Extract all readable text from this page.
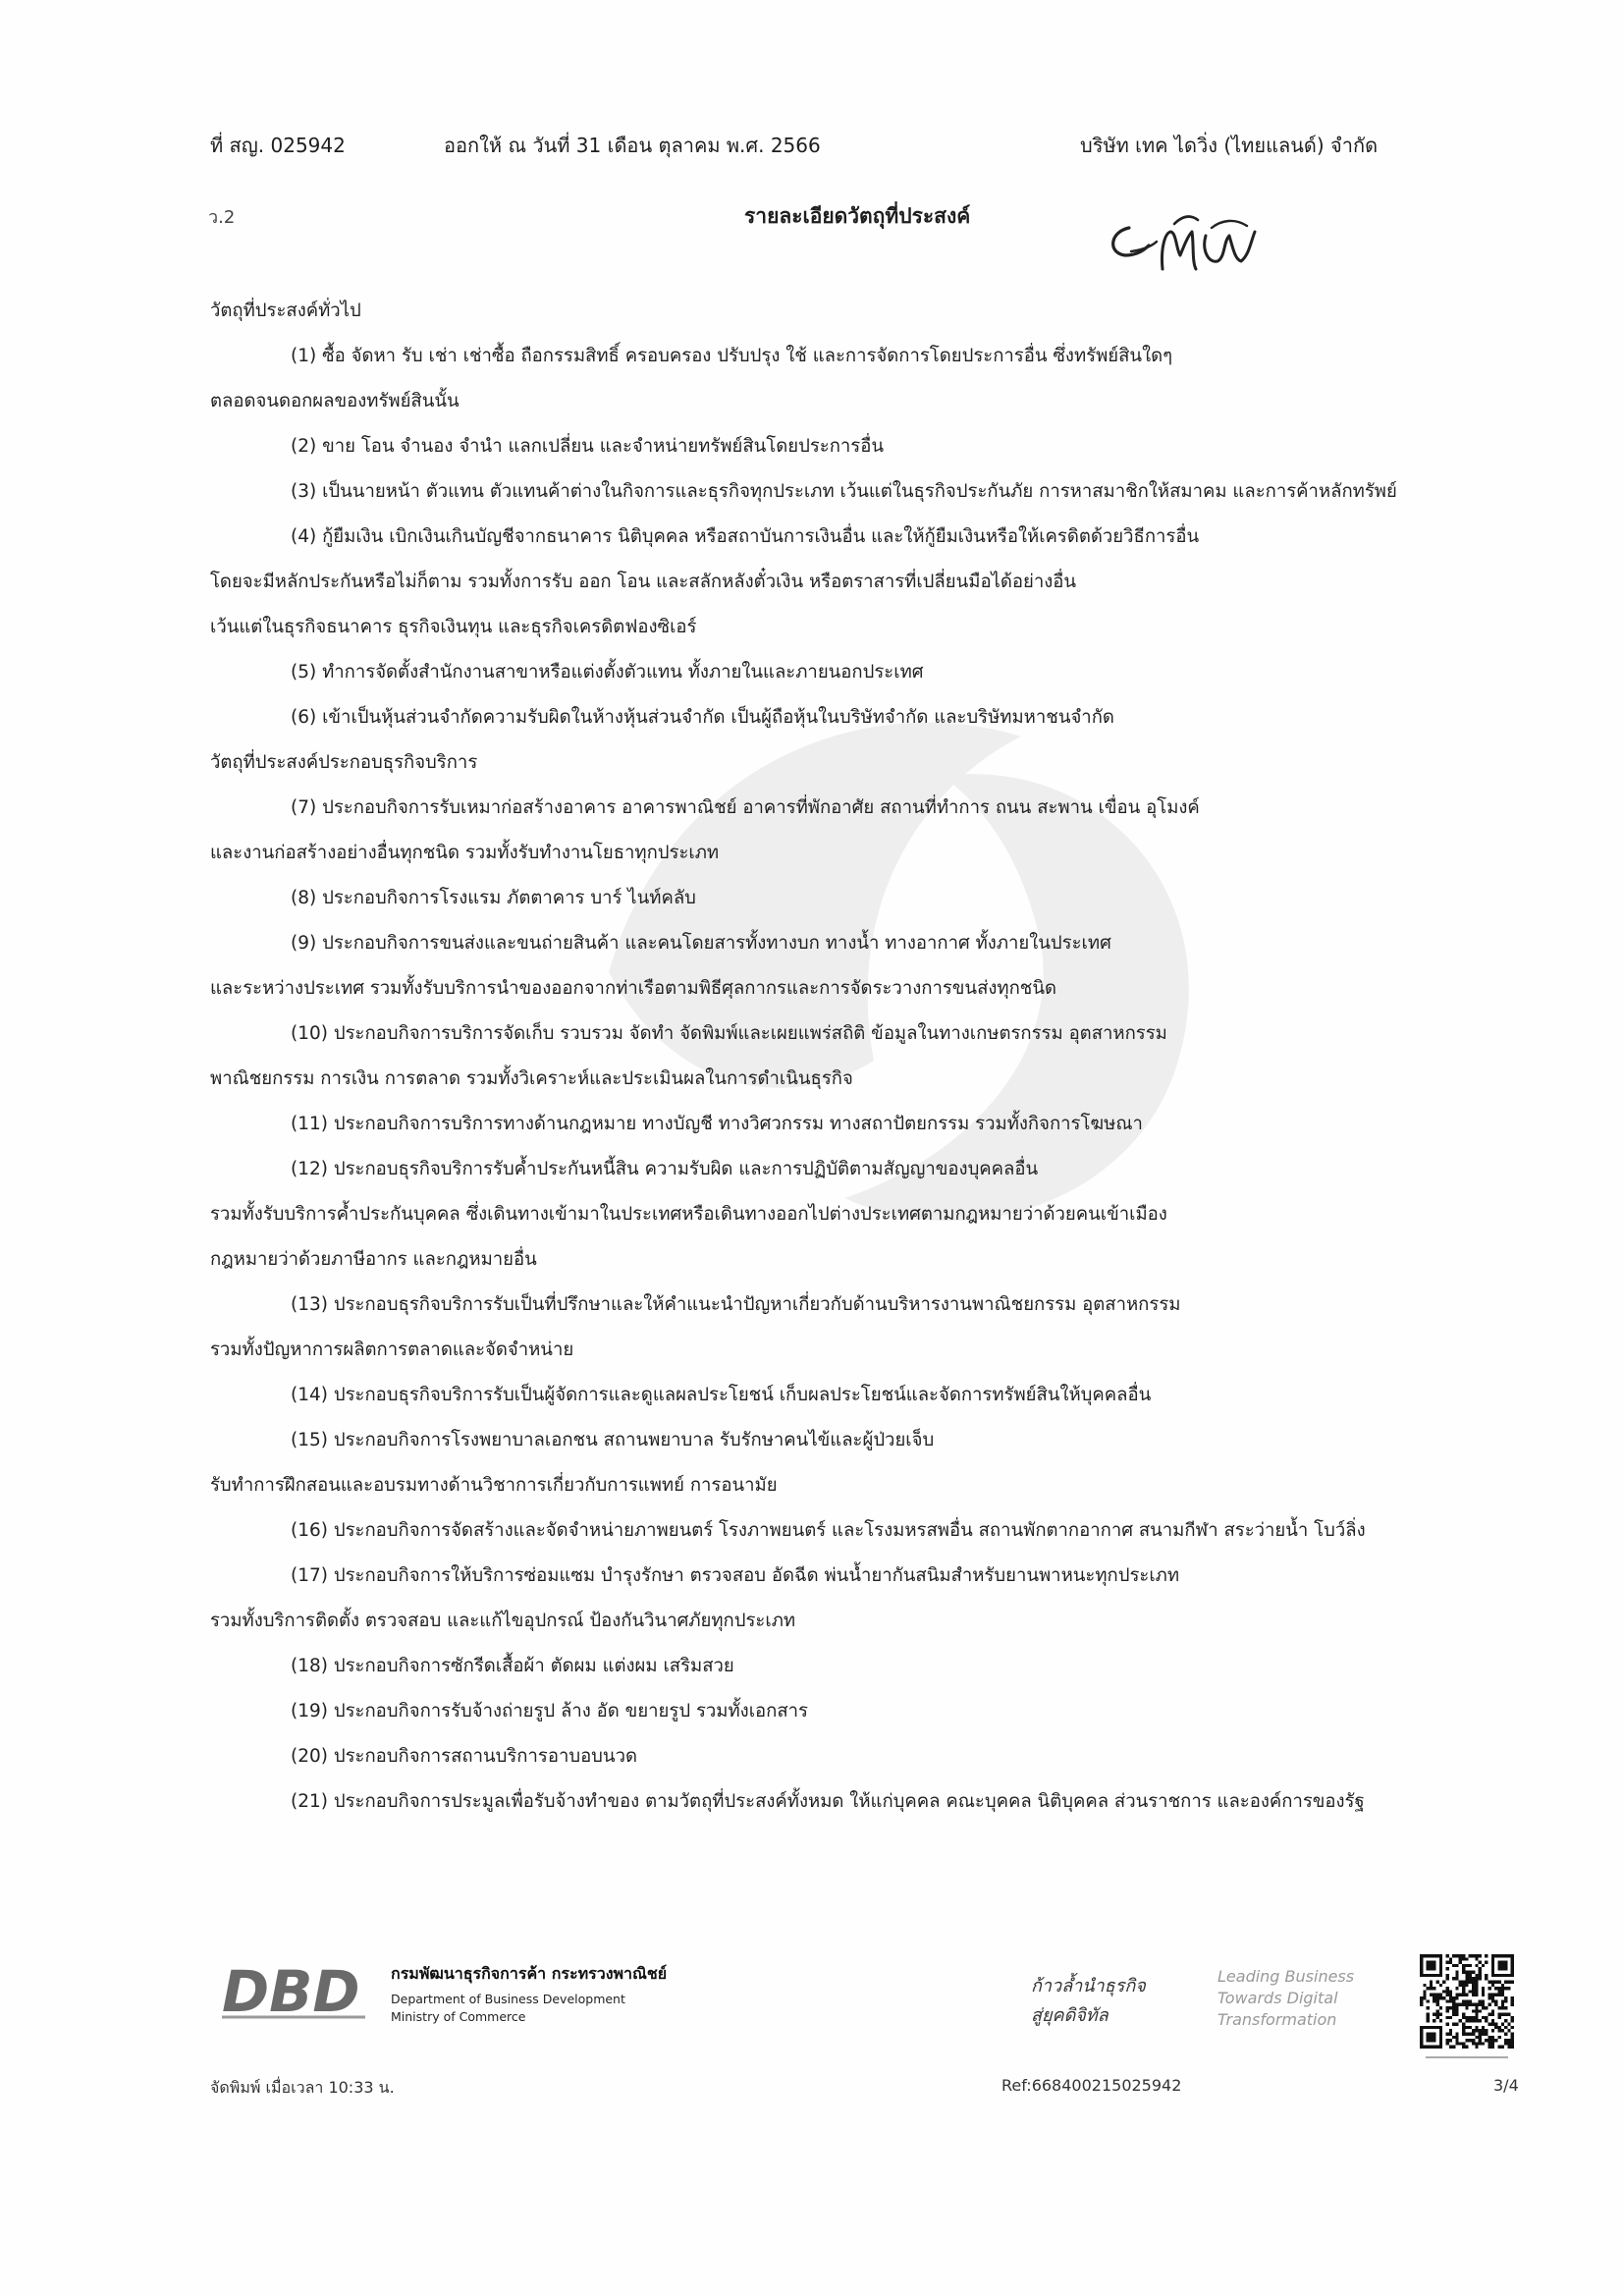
ที่ สญ. 025942	ออกให้ ณ วันที่ 31 เดือน ตุลาคม พ.ศ. 2566	บริษัท เทค ไดวิ่ง (ไทยแลนด์) จำกัด
ว.2	รายละเอียดวัตถุที่ประสงค์
วัตถุที่ประสงค์ทั่วไป
(1) ซื้อ จัดหา รับ เช่า เช่าซื้อ ถือกรรมสิทธิ์ ครอบครอง ปรับปรุง ใช้ และการจัดการโดยประการอื่น ซึ่งทรัพย์สินใดๆ
ตลอดจนดอกผลของทรัพย์สินนั้น
(2) ขาย โอน จำนอง จำนำ แลกเปลี่ยน และจำหน่ายทรัพย์สินโดยประการอื่น
(3) เป็นนายหน้า ตัวแทน ตัวแทนค้าต่างในกิจการและธุรกิจทุกประเภท เว้นแต่ในธุรกิจประกันภัย การหาสมาชิกให้สมาคม และการค้าหลักทรัพย์
(4) กู้ยืมเงิน เบิกเงินเกินบัญชีจากธนาคาร นิติบุคคล หรือสถาบันการเงินอื่น และให้กู้ยืมเงินหรือให้เครดิตด้วยวิธีการอื่น
โดยจะมีหลักประกันหรือไม่ก็ตาม รวมทั้งการรับ ออก โอน และสลักหลังตั๋วเงิน หรือตราสารที่เปลี่ยนมือได้อย่างอื่น
เว้นแต่ในธุรกิจธนาคาร ธุรกิจเงินทุน และธุรกิจเครดิตฟองซิเอร์
(5) ทำการจัดตั้งสำนักงานสาขาหรือแต่งตั้งตัวแทน ทั้งภายในและภายนอกประเทศ
(6) เข้าเป็นหุ้นส่วนจำกัดความรับผิดในห้างหุ้นส่วนจำกัด เป็นผู้ถือหุ้นในบริษัทจำกัด และบริษัทมหาชนจำกัด
วัตถุที่ประสงค์ประกอบธุรกิจบริการ
(7) ประกอบกิจการรับเหมาก่อสร้างอาคาร อาคารพาณิชย์ อาคารที่พักอาศัย สถานที่ทำการ ถนน สะพาน เขื่อน อุโมงค์
และงานก่อสร้างอย่างอื่นทุกชนิด รวมทั้งรับทำงานโยธาทุกประเภท
(8) ประกอบกิจการโรงแรม ภัตตาคาร บาร์ ไนท์คลับ
(9) ประกอบกิจการขนส่งและขนถ่ายสินค้า และคนโดยสารทั้งทางบก ทางน้ำ ทางอากาศ ทั้งภายในประเทศ
และระหว่างประเทศ รวมทั้งรับบริการนำของออกจากท่าเรือตามพิธีศุลกากรและการจัดระวางการขนส่งทุกชนิด
(10) ประกอบกิจการบริการจัดเก็บ รวบรวม จัดทำ จัดพิมพ์และเผยแพร่สถิติ ข้อมูลในทางเกษตรกรรม อุตสาหกรรม
พาณิชยกรรม การเงิน การตลาด รวมทั้งวิเคราะห์และประเมินผลในการดำเนินธุรกิจ
(11) ประกอบกิจการบริการทางด้านกฎหมาย ทางบัญชี ทางวิศวกรรม ทางสถาปัตยกรรม รวมทั้งกิจการโฆษณา
(12) ประกอบธุรกิจบริการรับค้ำประกันหนี้สิน ความรับผิด และการปฏิบัติตามสัญญาของบุคคลอื่น
รวมทั้งรับบริการค้ำประกันบุคคล ซึ่งเดินทางเข้ามาในประเทศหรือเดินทางออกไปต่างประเทศตามกฎหมายว่าด้วยคนเข้าเมือง
กฎหมายว่าด้วยภาษีอากร และกฎหมายอื่น
(13) ประกอบธุรกิจบริการรับเป็นที่ปรึกษาและให้คำแนะนำปัญหาเกี่ยวกับด้านบริหารงานพาณิชยกรรม อุตสาหกรรม
รวมทั้งปัญหาการผลิตการตลาดและจัดจำหน่าย
(14) ประกอบธุรกิจบริการรับเป็นผู้จัดการและดูแลผลประโยชน์ เก็บผลประโยชน์และจัดการทรัพย์สินให้บุคคลอื่น
(15) ประกอบกิจการโรงพยาบาลเอกชน สถานพยาบาล รับรักษาคนไข้และผู้ป่วยเจ็บ
รับทำการฝึกสอนและอบรมทางด้านวิชาการเกี่ยวกับการแพทย์ การอนามัย
(16) ประกอบกิจการจัดสร้างและจัดจำหน่ายภาพยนตร์ โรงภาพยนตร์ และโรงมหรสพอื่น สถานพักตากอากาศ สนามกีฬา สระว่ายน้ำ โบว์ลิ่ง
(17) ประกอบกิจการให้บริการซ่อมแซม บำรุงรักษา ตรวจสอบ อัดฉีด พ่นน้ำยากันสนิมสำหรับยานพาหนะทุกประเภท
รวมทั้งบริการติดตั้ง ตรวจสอบ และแก้ไขอุปกรณ์ ป้องกันวินาศภัยทุกประเภท
(18) ประกอบกิจการซักรีดเสื้อผ้า ตัดผม แต่งผม เสริมสวย
(19) ประกอบกิจการรับจ้างถ่ายรูป ล้าง อัด ขยายรูป รวมทั้งเอกสาร
(20) ประกอบกิจการสถานบริการอาบอบนวด
(21) ประกอบกิจการประมูลเพื่อรับจ้างทำของ ตามวัตถุที่ประสงค์ทั้งหมด ให้แก่บุคคล คณะบุคคล นิติบุคคล ส่วนราชการ และองค์การของรัฐ
DBD กรมพัฒนาธุรกิจการค้า กระทรวงพาณิชย์
Department of Business Development
Ministry of Commerce
ก้าวล้ำนำธุรกิจ
สู่ยุคดิจิทัล
Leading Business
Towards Digital
Transformation
จัดพิมพ์ เมื่อเวลา 10:33 น.	Ref:668400215025942	3/4
